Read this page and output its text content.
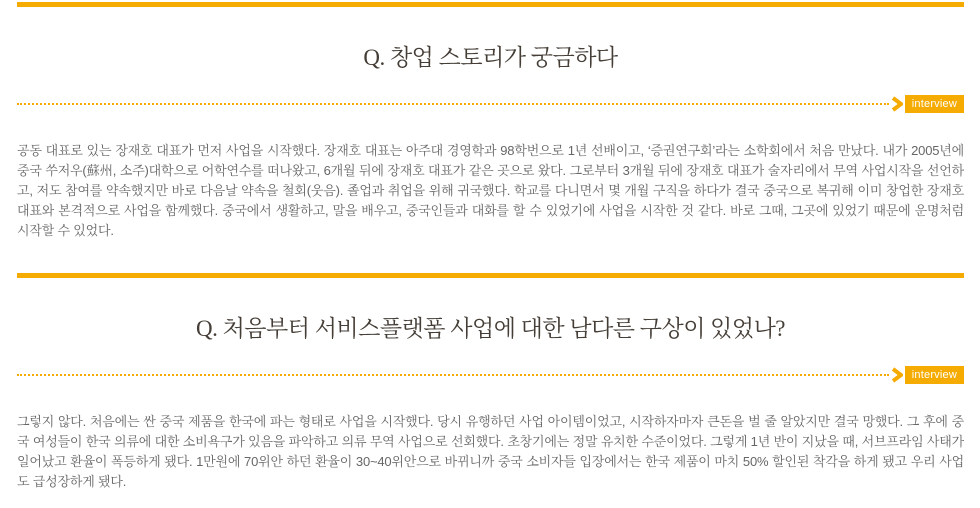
Q. 창업 스토리가 궁금하다
interview

공동 대표로 있는 장재호 대표가 먼저 사업을 시작했다. 장재호 대표는 아주대 경영학과 98학번으로 1년 선배이고, ‘증권연구회’라는 소학회에서 처음 만났다. 내가 2005년에 중국 쑤저우(蘇州, 소주)대학으로 어학연수를 떠나왔고, 6개월 뒤에 장재호 대표가 같은 곳으로 왔다. 그로부터 3개월 뒤에 장재호 대표가 술자리에서 무역 사업시작을 선언하고, 저도 참여를 약속했지만 바로 다음날 약속을 철회(웃음). 졸업과 취업을 위해 귀국했다. 학교를 다니면서 몇 개월 구직을 하다가 결국 중국으로 복귀해 이미 창업한 장재호 대표와 본격적으로 사업을 함께했다. 중국에서 생활하고, 말을 배우고, 중국인들과 대화를 할 수 있었기에 사업을 시작한 것 같다. 바로 그때, 그곳에 있었기 때문에 운명처럼 시작할 수 있었다.

Q. 처음부터 서비스플랫폼 사업에 대한 남다른 구상이 있었나?
interview

그렇지 않다. 처음에는 싼 중국 제품을 한국에 파는 형태로 사업을 시작했다. 당시 유행하던 사업 아이템이었고, 시작하자마자 큰돈을 벌 줄 알았지만 결국 망했다. 그 후에 중국 여성들이 한국 의류에 대한 소비욕구가 있음을 파악하고 의류 무역 사업으로 선회했다. 초창기에는 정말 유치한 수준이었다. 그렇게 1년 반이 지났을 때, 서브프라임 사태가 일어났고 환율이 폭등하게 됐다. 1만원에 70위안 하던 환율이 30~40위안으로 바뀌니까 중국 소비자들 입장에서는 한국 제품이 마치 50% 할인된 착각을 하게 됐고 우리 사업도 급성장하게 됐다.
